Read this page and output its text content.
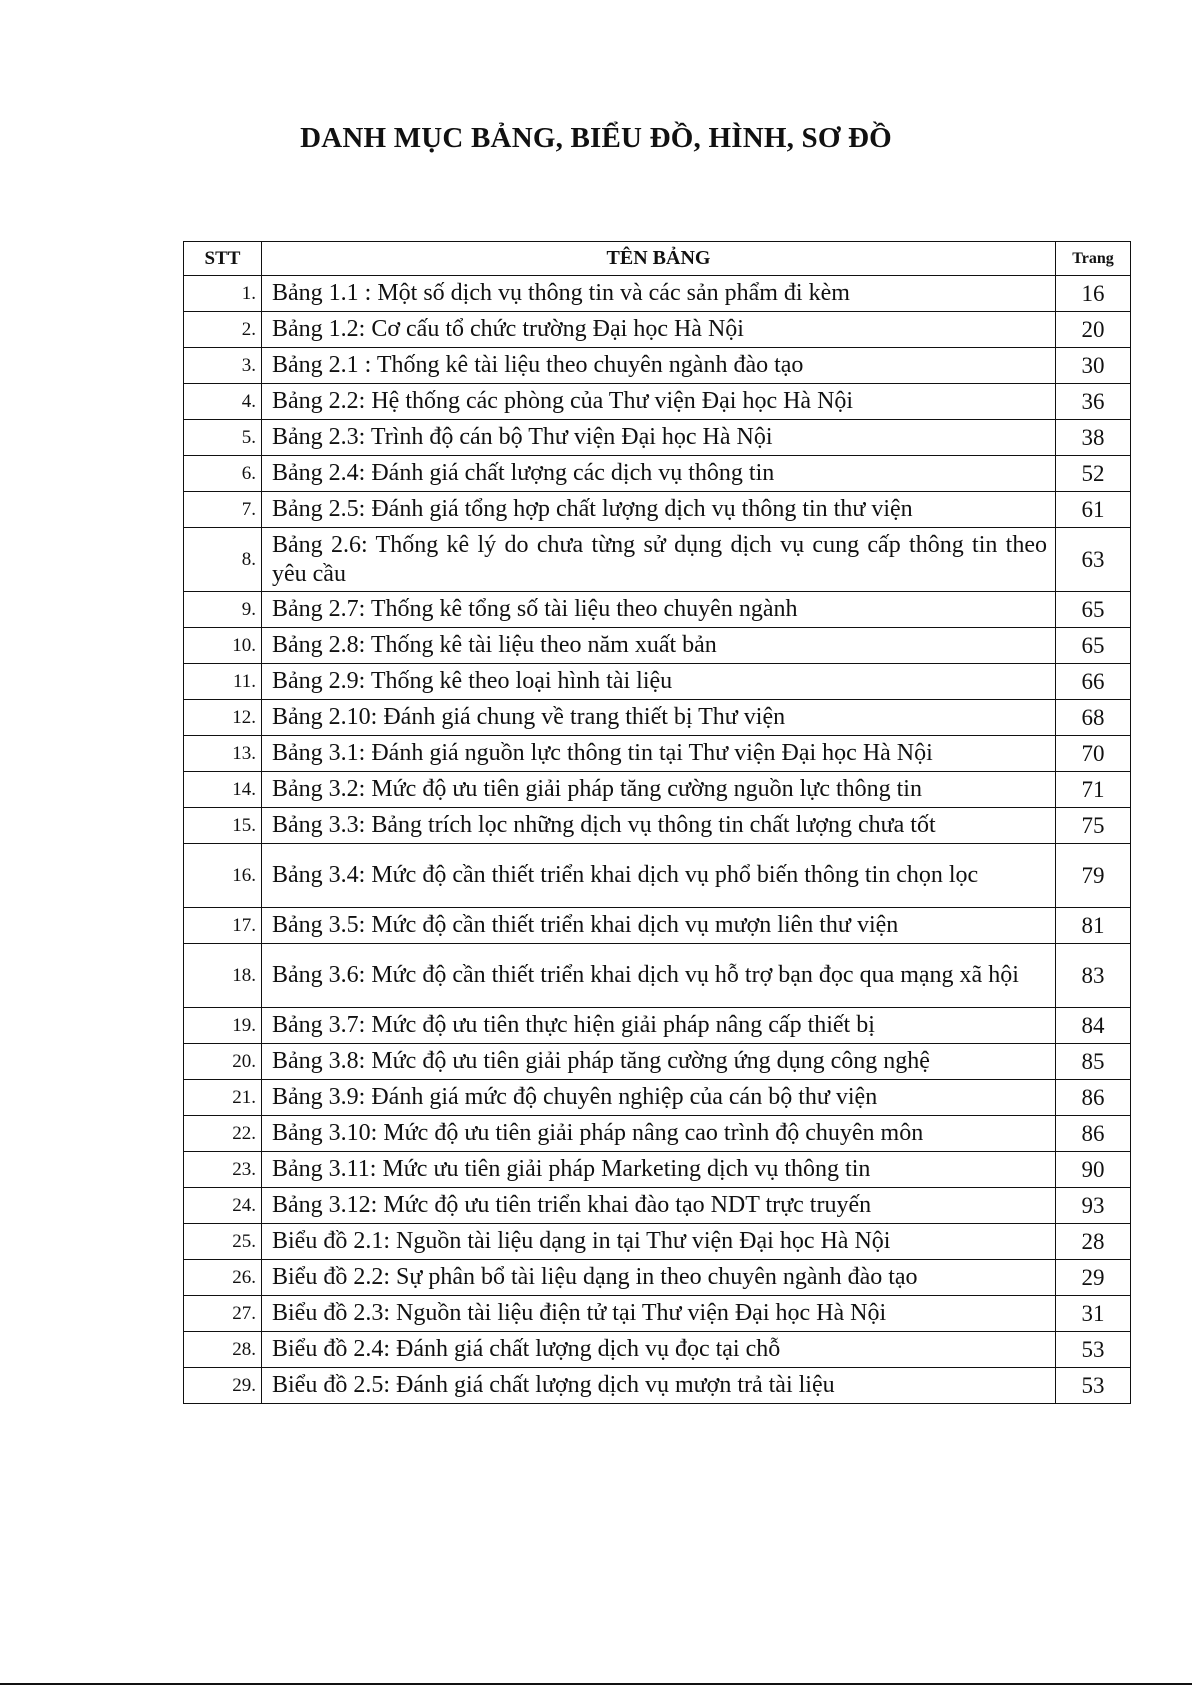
DANH MỤC BẢNG, BIỂU ĐỒ, HÌNH, SƠ ĐỒ
STT	TÊN BẢNG	Trang
1.	Bảng 1.1 : Một số dịch vụ thông tin và các sản phẩm đi kèm	16
2.	Bảng 1.2: Cơ cấu tổ chức trường Đại học Hà Nội	20
3.	Bảng 2.1 : Thống kê tài liệu theo chuyên ngành đào tạo	30
4.	Bảng 2.2: Hệ thống các phòng của Thư viện Đại học Hà Nội	36
5.	Bảng 2.3: Trình độ cán bộ Thư viện Đại học Hà Nội	38
6.	Bảng 2.4: Đánh giá chất lượng các dịch vụ thông tin	52
7.	Bảng 2.5: Đánh giá tổng hợp chất lượng dịch vụ thông tin thư viện	61
8.	Bảng 2.6: Thống kê lý do chưa từng sử dụng dịch vụ cung cấp thông tin theo yêu cầu	63
9.	Bảng 2.7: Thống kê tổng số tài liệu theo chuyên ngành	65
10.	Bảng 2.8: Thống kê tài liệu theo năm xuất bản	65
11.	Bảng 2.9: Thống kê theo loại hình tài liệu	66
12.	Bảng 2.10: Đánh giá chung về trang thiết bị Thư viện	68
13.	Bảng 3.1: Đánh giá nguồn lực thông tin tại Thư viện Đại học Hà Nội	70
14.	Bảng 3.2: Mức độ ưu tiên giải pháp tăng cường nguồn lực thông tin	71
15.	Bảng 3.3: Bảng trích lọc những dịch vụ thông tin chất lượng chưa tốt	75
16.	Bảng 3.4: Mức độ cần thiết triển khai dịch vụ phổ biến thông tin chọn lọc	79
17.	Bảng 3.5: Mức độ cần thiết triển khai dịch vụ mượn liên thư viện	81
18.	Bảng 3.6: Mức độ cần thiết triển khai dịch vụ hỗ trợ bạn đọc qua mạng xã hội	83
19.	Bảng 3.7: Mức độ ưu tiên thực hiện giải pháp nâng cấp thiết bị	84
20.	Bảng 3.8: Mức độ ưu tiên giải pháp tăng cường ứng dụng công nghệ	85
21.	Bảng 3.9: Đánh giá mức độ chuyên nghiệp của cán bộ thư viện	86
22.	Bảng 3.10: Mức độ ưu tiên giải pháp nâng cao trình độ chuyên môn	86
23.	Bảng 3.11: Mức ưu tiên giải pháp Marketing dịch vụ thông tin	90
24.	Bảng 3.12: Mức độ ưu tiên triển khai đào tạo NDT trực truyến	93
25.	Biểu đồ 2.1: Nguồn tài liệu dạng in tại Thư viện Đại học Hà Nội	28
26.	Biểu đồ 2.2: Sự phân bổ tài liệu dạng in theo chuyên ngành đào tạo	29
27.	Biểu đồ 2.3: Nguồn tài liệu điện tử tại Thư viện Đại học Hà Nội	31
28.	Biểu đồ 2.4: Đánh giá chất lượng dịch vụ đọc tại chỗ	53
29.	Biểu đồ 2.5: Đánh giá chất lượng dịch vụ mượn trả tài liệu	53
